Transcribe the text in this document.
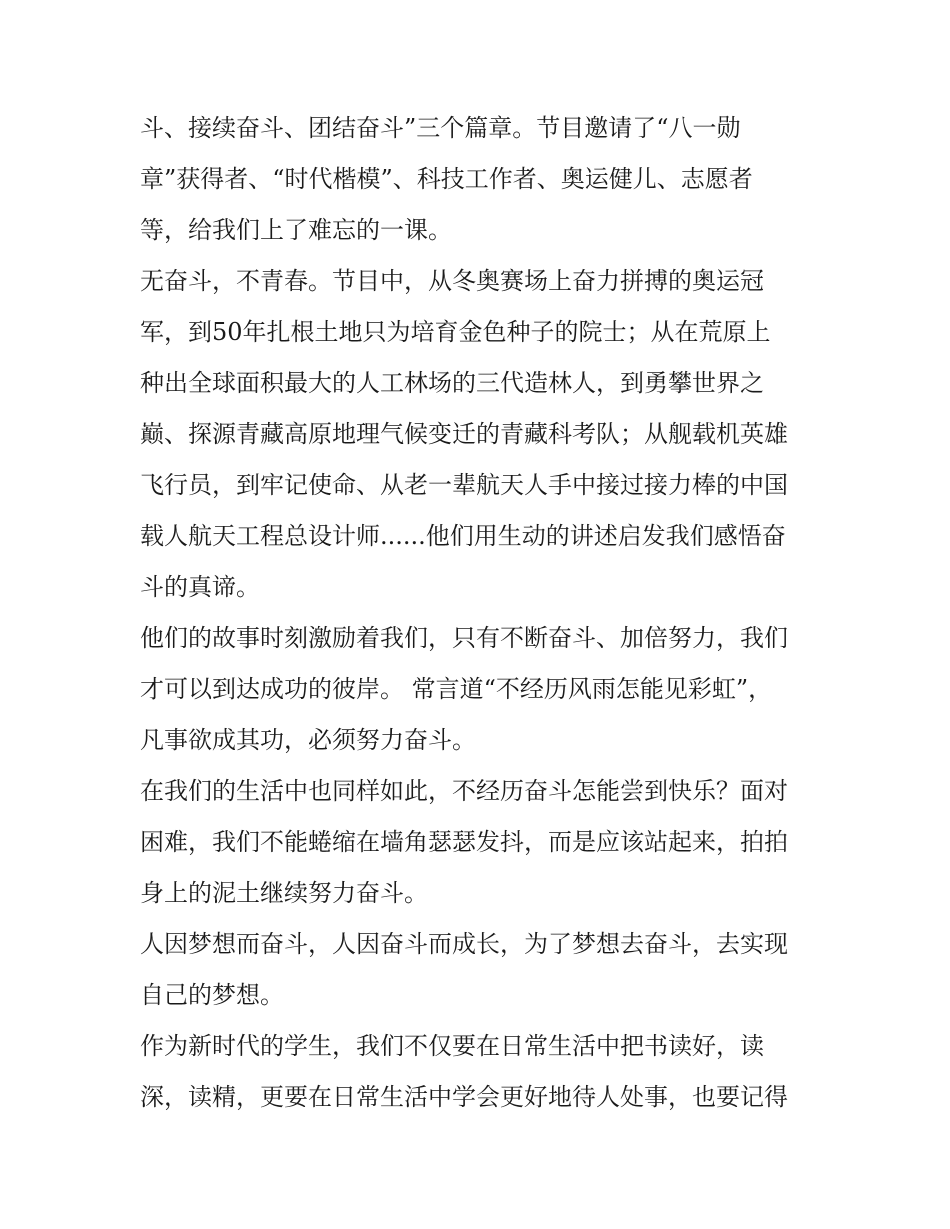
斗、接续奋斗、团结奋斗”三个篇章。节目邀请了“八一勋

章”获得者、“时代楷模”、科技工作者、奥运健儿、志愿者

等，给我们上了难忘的一课。

无奋斗，不青春。节目中，从冬奥赛场上奋力拼搏的奥运冠

军，到50年扎根土地只为培育金色种子的院士；从在荒原上

种出全球面积最大的人工林场的三代造林人，到勇攀世界之

巅、探源青藏高原地理气候变迁的青藏科考队；从舰载机英雄

飞行员，到牢记使命、从老一辈航天人手中接过接力棒的中国

载人航天工程总设计师......他们用生动的讲述启发我们感悟奋

斗的真谛。

他们的故事时刻激励着我们，只有不断奋斗、加倍努力，我们

才可以到达成功的彼岸。 常言道“不经历风雨怎能见彩虹”，

凡事欲成其功，必须努力奋斗。

在我们的生活中也同样如此，不经历奋斗怎能尝到快乐？面对

困难，我们不能蜷缩在墙角瑟瑟发抖，而是应该站起来，拍拍

身上的泥土继续努力奋斗。

人因梦想而奋斗，人因奋斗而成长，为了梦想去奋斗，去实现

自己的梦想。

作为新时代的学生，我们不仅要在日常生活中把书读好，读

深，读精，更要在日常生活中学会更好地待人处事，也要记得
